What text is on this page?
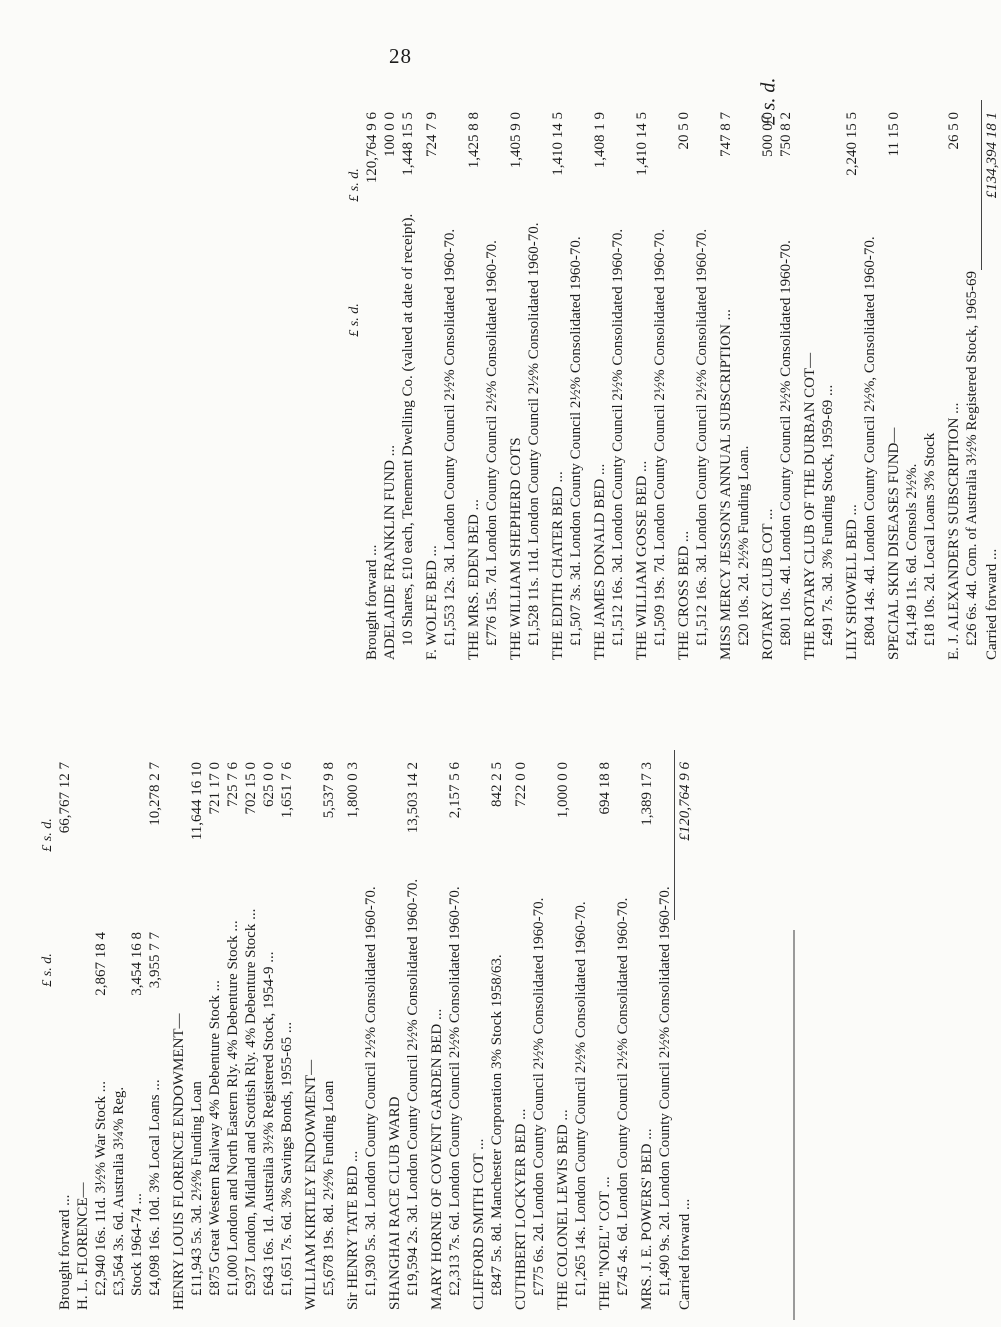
28
£ s. d.
£ s. d.
£ s. d.
Brought forward ...
66,767 12 7
H. L. FLORENCE— £2,940 16s. 11d. 3½% War Stock ...
2,867 18 4
£3,564 3s. 6d. Australia 3¼% Reg. Stock 1964-74 ...
3,454 16 8
£4,098 16s. 10d. 3% Local Loans ...
3,955 7 7
10,278 2 7
HENRY LOUIS FLORENCE ENDOWMENT— £11,943 5s. 3d. 2½% Funding Loan
11,644 16 10
£875 Great Western Railway 4% Debenture Stock ...
721 17 0
£1,000 London and North Eastern Rly. 4% Debenture Stock ...
725 7 6
£937 London, Midland and Scottish Rly. 4% Debenture Stock ...
702 15 0
£643 16s. 1d. Australia 3½% Registered Stock, 1954-9 ...
625 0 0
£1,651 7s. 6d. 3% Savings Bonds, 1955-65 ...
1,651 7 6
WILLIAM KIRTLEY ENDOWMENT— £5,678 19s. 8d. 2½% Funding Loan
5,537 9 8
Sir HENRY TATE BED ...
1,800 0 3
£1,930 5s. 3d. London County Council 2½% Consolidated 1960-70. SHANGHAI RACE CLUB WARD £19,594 2s. 3d. London County Council 2½% Consolidated 1960-70.
13,503 14 2
MARY HORNE OF COVENT GARDEN BED ... £2,313 7s. 6d. London County Council 2½% Consolidated 1960-70.
2,157 5 6
CLIFFORD SMITH COT ... £847 5s. 8d. Manchester Corporation 3% Stock 1958/63.
842 2 5
CUTHBERT LOCKYER BED ...
722 0 0
£775 6s. 2d. London County Council 2½% Consolidated 1960-70. THE COLONEL LEWIS BED ...
1,000 0 0
£1,265 14s. London County Council 2½% Consolidated 1960-70. THE "NOEL" COT ...
694 18 8
£745 4s. 6d. London County Council 2½% Consolidated 1960-70. MRS. J. E. POWERS' BED ...
1,389 17 3
£1,490 9s. 2d. London County Council 2½% Consolidated 1960-70. Carried forward ...
£120,764 9 6
£ s. d.
£ s. d.
Brought forward ...
120,764 9 6
ADELAIDE FRANKLIN FUND ...
100 0 0
10 Shares, £10 each, Tenement Dwelling Co. (valued at date of receipt).
1,448 15 5
F. WOLFE BED ...
724 7 9
£1,553 12s. 3d. London County Council 2½% Consolidated 1960-70. THE MRS. EDEN BED ...
1,425 8 8
£776 15s. 7d. London County Council 2½% Consolidated 1960-70. THE WILLIAM SHEPHERD COTS
1,405 9 0
£1,528 11s. 11d. London County Council 2½% Consolidated 1960-70. THE EDITH CHATER BED ...
1,410 14 5
£1,507 3s. 3d. London County Council 2½% Consolidated 1960-70. THE JAMES DONALD BED ...
1,408 1 9
£1,512 16s. 3d. London County Council 2½% Consolidated 1960-70. THE WILLIAM GOSSE BED ...
1,410 14 5
£1,509 19s. 7d. London County Council 2½% Consolidated 1960-70. THE CROSS BED ...
20 5 0
£1,512 16s. 3d. London County Council 2½% Consolidated 1960-70. MISS MERCY JESSON'S ANNUAL SUBSCRIPTION ...
747 8 7
£20 10s. 2d. 2½% Funding Loan. ROTARY CLUB COT ...
500 0 0
£801 10s. 4d. London County Council 2½% Consolidated 1960-70.
750 8 2
THE ROTARY CLUB OF THE DURBAN COT— £491 7s. 3d. 3% Funding Stock, 1959-69 ... LILY SHOWELL BED ...
2,240 15 5
£804 14s. 4d. London County Council 2½%, Consolidated 1960-70. SPECIAL SKIN DISEASES FUND—
11 15 0
£4,149 11s. 6d. Consols 2½%. £18 10s. 2d. Local Loans 3% Stock E. J. ALEXANDER'S SUBSCRIPTION ...
26 5 0
£26 6s. 4d. Com. of Australia 3½% Registered Stock, 1965-69 Carried forward ...
£134,394 18 1
